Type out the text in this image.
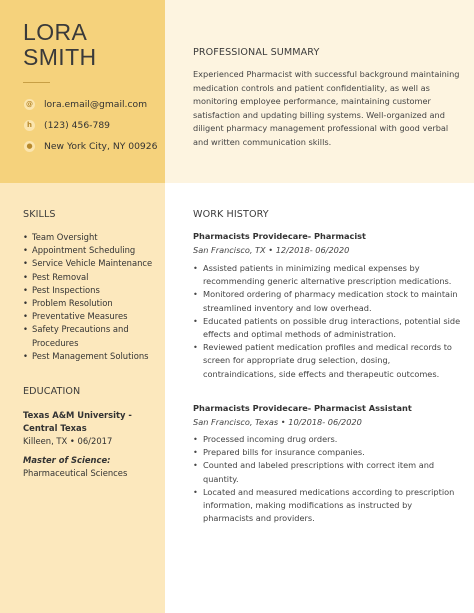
LORA
SMITH
@ lora.email@gmail.com
h	(123) 456-789
● New York City, NY 00926
PROFESSIONAL SUMMARY
Experienced Pharmacist with successful background maintaining medication controls and patient confidentiality, as well as monitoring employee performance, maintaining customer satisfaction and updating billing systems. Well-organized and diligent pharmacy management professional with good verbal and written communication skills.
SKILLS
• Team Oversight
• Appointment Scheduling
• Service Vehicle Maintenance
• Pest Removal
• Pest Inspections
• Problem Resolution
• Preventative Measures
• Safety Precautions and Procedures
• Pest Management Solutions
EDUCATION
Texas A&M University - Central Texas
Killeen, TX • 06/2017
Master of Science:
Pharmaceutical Sciences
WORK HISTORY
Pharmacists Providecare- Pharmacist
San Francisco, TX • 12/2018- 06/2020
• Assisted patients in minimizing medical expenses by recommending generic alternative prescription medications.
• Monitored ordering of pharmacy medication stock to maintain streamlined inventory and low overhead.
• Educated patients on possible drug interactions, potential side effects and optimal methods of administration.
• Reviewed patient medication profiles and medical records to screen for appropriate drug selection, dosing, contraindications, side effects and therapeutic outcomes.
Pharmacists Providecare- Pharmacist Assistant
San Francisco, Texas • 10/2018- 06/2020
• Processed incoming drug orders.
• Prepared bills for insurance companies.
• Counted and labeled prescriptions with correct item and quantity.
• Located and measured medications according to prescription information, making modifications as instructed by pharmacists and providers.
